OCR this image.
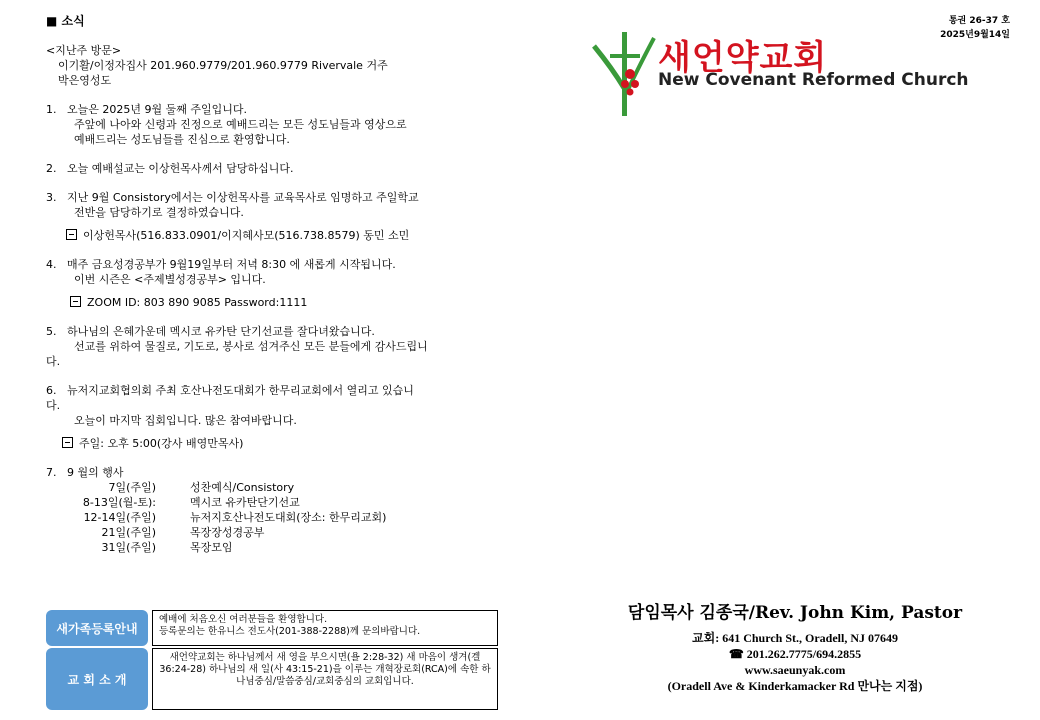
■ 소식

<지난주 방문>

이기활/이정자집사 201.960.9779/201.960.9779 Rivervale 거주

박은영성도

1. 오늘은 2025년 9월 둘째 주일입니다.

주앞에 나아와 신령과 진정으로 예배드리는 모든 성도님들과 영상으로

예배드리는 성도님들를 진심으로 환영합니다.

2. 오늘 예배설교는 이상헌목사께서 담당하십니다.

3. 지난 9월 Consistory에서는 이상헌목사를 교육목사로 임명하고 주일학교

전반을 담당하기로 결정하였습니다.

이상헌목사(516.833.0901/이지혜사모(516.738.8579) 동민 소민

4. 매주 금요성경공부가 9월19일부터 저녁 8:30 에 새롭게 시작됩니다.

이번 시즌은 <주제별성경공부> 입니다.

ZOOM ID: 803 890 9085 Password:1111

5. 하나님의 은혜가운데 멕시코 유카탄 단기선교를 잘다녀왔습니다.

선교를 위하여 물질로, 기도로, 봉사로 섬겨주신 모든 분들에게 감사드립니

다.

6. 뉴저지교회협의회 주최 호산나전도대회가 한무리교회에서 열리고 있습니

다.

오늘이 마지막 집회입니다. 많은 참여바랍니다.

주일: 오후 5:00(강사 배영만목사)

7. 9 월의 행사

7일(주일)	성찬예식/Consistory
8-13일(월-토):	멕시코 유카탄단기선교
12-14일(주일)	뉴저지호산나전도대회(장소: 한무리교회)
21일(주일)	목장장성경공부
31일(주일)	목장모임
새가족등록안내
예배에 처음오신 여러분들을 환영합니다.
등록문의는 한유니스 전도사(201-388-2288)께 문의바랍니다.
교 회 소 개
새언약교회는 하나님께서 새 영을 부으시면(욜 2:28-32) 새 마음이 생겨(겔 36:24-28) 하나님의 새 일(사 43:15-21)을 이루는 개혁장로회(RCA)에 속한 하나님중심/말씀중심/교회중심의 교회입니다.
통권 26-37 호
2025년9월14일
새언약교회
New Covenant Reformed Church
담임목사 김종국/Rev. John Kim, Pastor
교회: 641 Church St., Oradell, NJ 07649
☎ 201.262.7775/694.2855
www.saeunyak.com
(Oradell Ave & Kinderkamacker Rd 만나는 지점)
